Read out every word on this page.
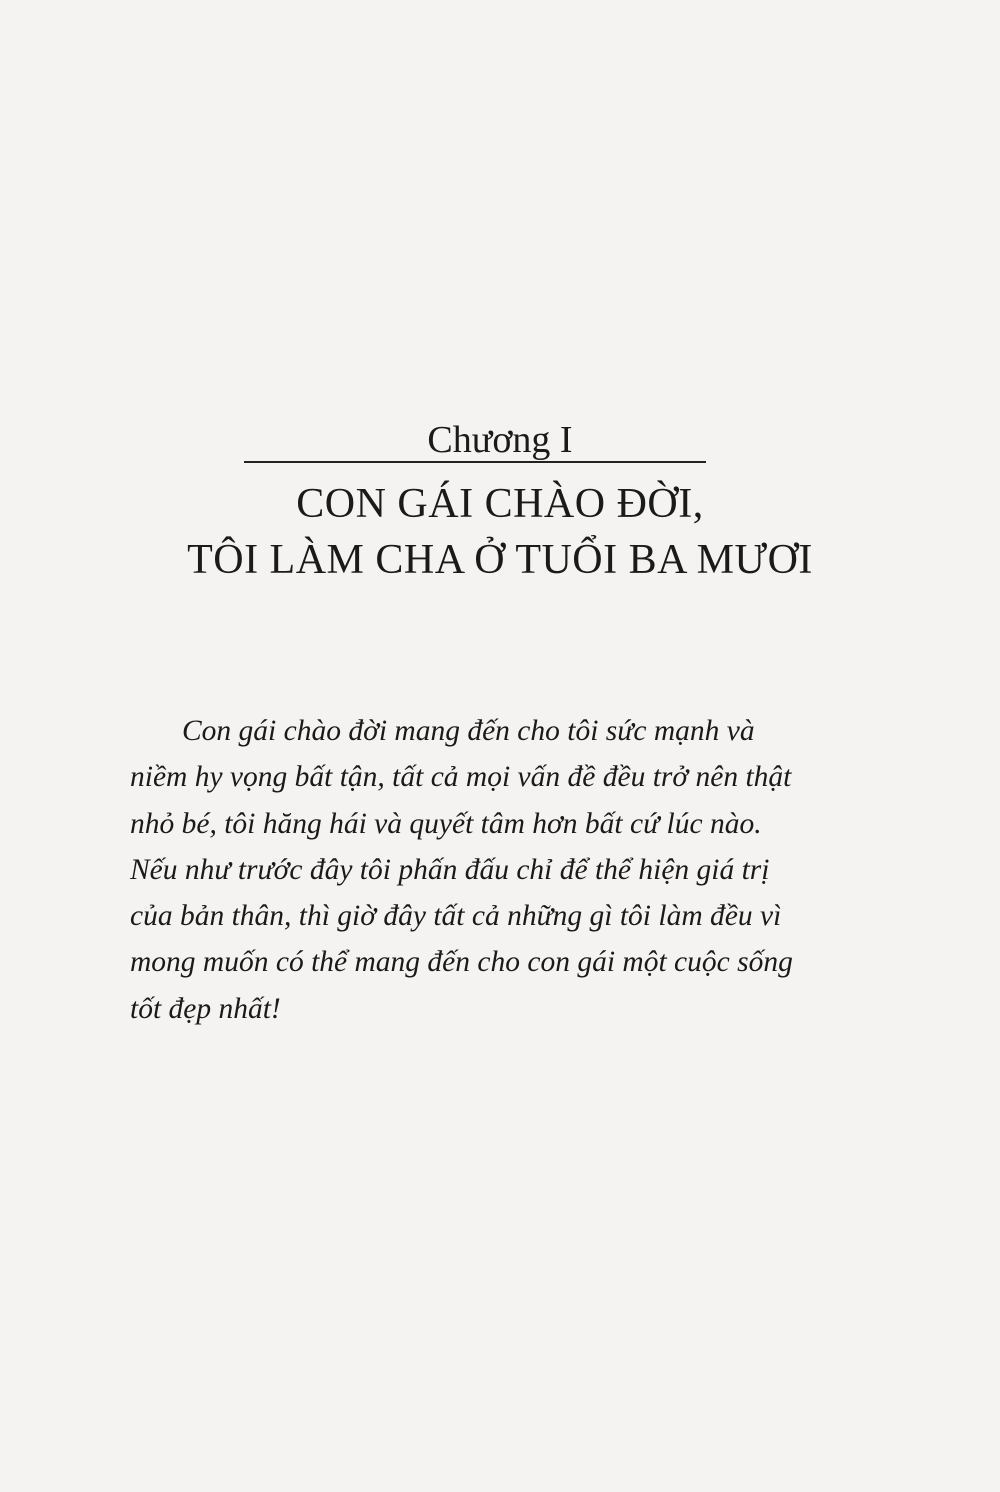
Chương I
CON GÁI CHÀO ĐỜI,
TÔI LÀM CHA Ở TUỔI BA MƯƠI
Con gái chào đời mang đến cho tôi sức mạnh và
niềm hy vọng bất tận, tất cả mọi vấn đề đều trở nên thật
nhỏ bé, tôi hăng hái và quyết tâm hơn bất cứ lúc nào.
Nếu như trước đây tôi phấn đấu chỉ để thể hiện giá trị
của bản thân, thì giờ đây tất cả những gì tôi làm đều vì
mong muốn có thể mang đến cho con gái một cuộc sống
tốt đẹp nhất!
